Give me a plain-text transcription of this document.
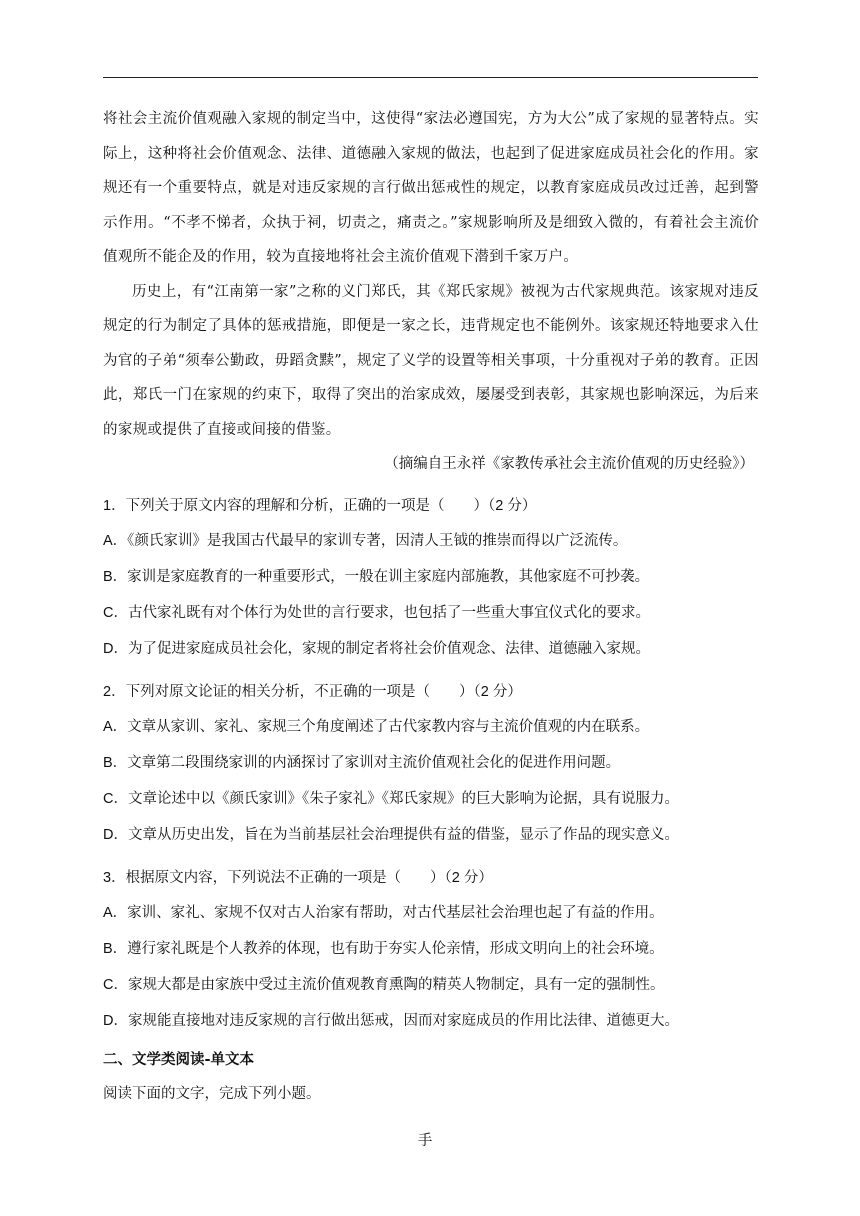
将社会主流价值观融入家规的制定当中，这使得“家法必遵国宪，方为大公”成了家规的显著特点。实际上，这种将社会价值观念、法律、道德融入家规的做法，也起到了促进家庭成员社会化的作用。家规还有一个重要特点，就是对违反家规的言行做出惩戒性的规定，以教育家庭成员改过迁善，起到警示作用。“不孝不悌者，众执于祠，切责之，痛责之。”家规影响所及是细致入微的，有着社会主流价值观所不能企及的作用，较为直接地将社会主流价值观下潜到千家万户。

历史上，有“江南第一家”之称的义门郑氏，其《郑氏家规》被视为古代家规典范。该家规对违反规定的行为制定了具体的惩戒措施，即便是一家之长，违背规定也不能例外。该家规还特地要求入仕为官的子弟“须奉公勤政，毋蹈贪黩”，规定了义学的设置等相关事项，十分重视对子弟的教育。正因此，郑氏一门在家规的约束下，取得了突出的治家成效，屡屡受到表彰，其家规也影响深远，为后来的家规或提供了直接或间接的借鉴。

（摘编自王永祥《家教传承社会主流价值观的历史经验》）
1．下列关于原文内容的理解和分析，正确的一项是（　　）（2 分）
A．《颜氏家训》是我国古代最早的家训专著，因清人王钺的推崇而得以广泛流传。
B．家训是家庭教育的一种重要形式，一般在训主家庭内部施教，其他家庭不可抄袭。
C．古代家礼既有对个体行为处世的言行要求，也包括了一些重大事宜仪式化的要求。
D．为了促进家庭成员社会化，家规的制定者将社会价值观念、法律、道德融入家规。
2．下列对原文论证的相关分析，不正确的一项是（　　）（2 分）
A．文章从家训、家礼、家规三个角度阐述了古代家教内容与主流价值观的内在联系。
B．文章第二段围绕家训的内涵探讨了家训对主流价值观社会化的促进作用问题。
C．文章论述中以《颜氏家训》《朱子家礼》《郑氏家规》的巨大影响为论据，具有说服力。
D．文章从历史出发，旨在为当前基层社会治理提供有益的借鉴，显示了作品的现实意义。
3．根据原文内容，下列说法不正确的一项是（　　）（2 分）
A．家训、家礼、家规不仅对古人治家有帮助，对古代基层社会治理也起了有益的作用。
B．遵行家礼既是个人教养的体现，也有助于夯实人伦亲情，形成文明向上的社会环境。
C．家规大都是由家族中受过主流价值观教育熏陶的精英人物制定，具有一定的强制性。
D．家规能直接地对违反家规的言行做出惩戒，因而对家庭成员的作用比法律、道德更大。
二、文学类阅读-单文本
阅读下面的文字，完成下列小题。
手
